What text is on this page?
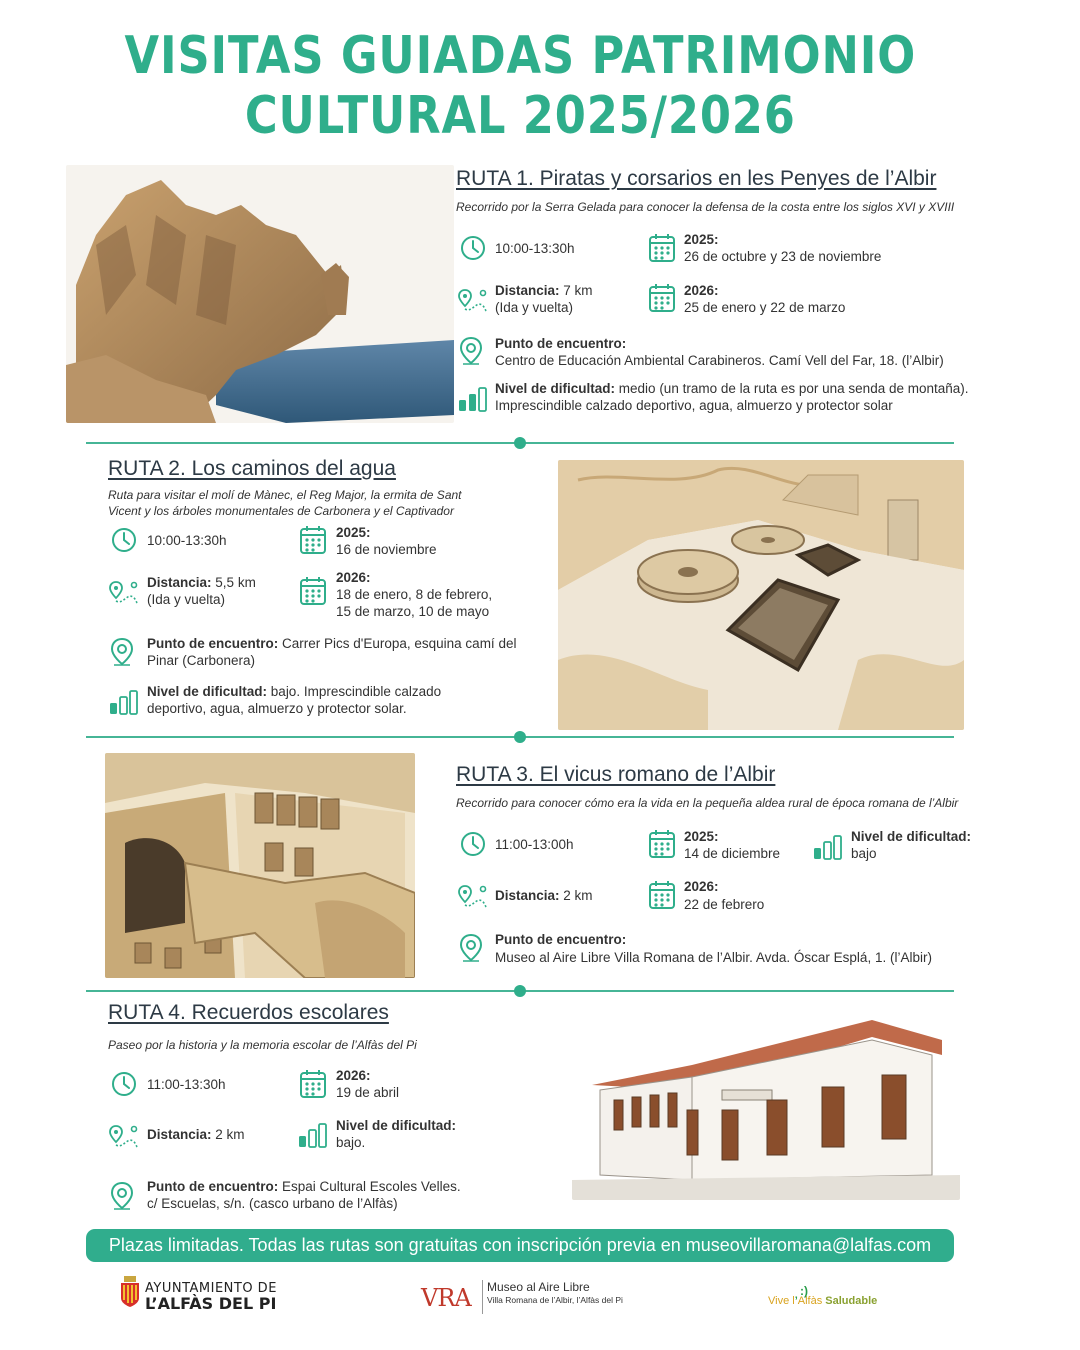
VISITAS GUIADAS PATRIMONIO
CULTURAL 2025/2026
RUTA 1. Piratas y corsarios en les Penyes de l’Albir
Recorrido por la Serra Gelada para conocer la defensa de la costa entre los siglos XVI y XVIII
10:00-13:30h
2025:
26 de octubre y 23 de noviembre
Distancia: 7 km
(Ida y vuelta)
2026:
25 de enero y 22 de marzo
Punto de encuentro:
Centro de Educación Ambiental Carabineros. Camí Vell del Far, 18. (l’Albir)
Nivel de dificultad: medio (un tramo de la ruta es por una senda de montaña).
Imprescindible calzado deportivo, agua, almuerzo y protector solar
RUTA 2. Los caminos del agua
Ruta para visitar el molí de Mànec, el Reg Major, la ermita de Sant
Vicent y los árboles monumentales de Carbonera y el Captivador
10:00-13:30h
2025:
16 de noviembre
Distancia: 5,5 km
(Ida y vuelta)
2026:
18 de enero, 8 de febrero,
15 de marzo, 10 de mayo
Punto de encuentro: Carrer Pics d'Europa, esquina camí del
Pinar (Carbonera)
Nivel de dificultad: bajo. Imprescindible calzado
deportivo, agua, almuerzo y protector solar.
RUTA 3. El vicus romano de l’Albir
Recorrido para conocer cómo era la vida en la pequeña aldea rural de época romana de l’Albir
11:00-13:00h
2025:
14 de diciembre
Nivel de dificultad:
bajo
Distancia: 2 km
2026:
22 de febrero
Punto de encuentro:
Museo al Aire Libre Villa Romana de l’Albir. Avda. Óscar Esplá, 1. (l’Albir)
RUTA 4. Recuerdos escolares
Paseo por la historia y la memoria escolar de l’Alfàs del Pi
11:00-13:30h
2026:
19 de abril
Distancia: 2 km
Nivel de dificultad:
bajo.
Punto de encuentro: Espai Cultural Escoles Velles.
c/ Escuelas, s/n. (casco urbano de l’Alfàs)
Plazas limitadas. Todas las rutas son gratuitas con inscripción previa en museovillaromana@lalfas.com
AYUNTAMIENTO DE
L’ALFÀS DEL PI	VRA Museo al Aire Libre
Villa Romana de l’Albir, l’Alfàs del Pi	Vive l’Alfàs Saludable
:)
